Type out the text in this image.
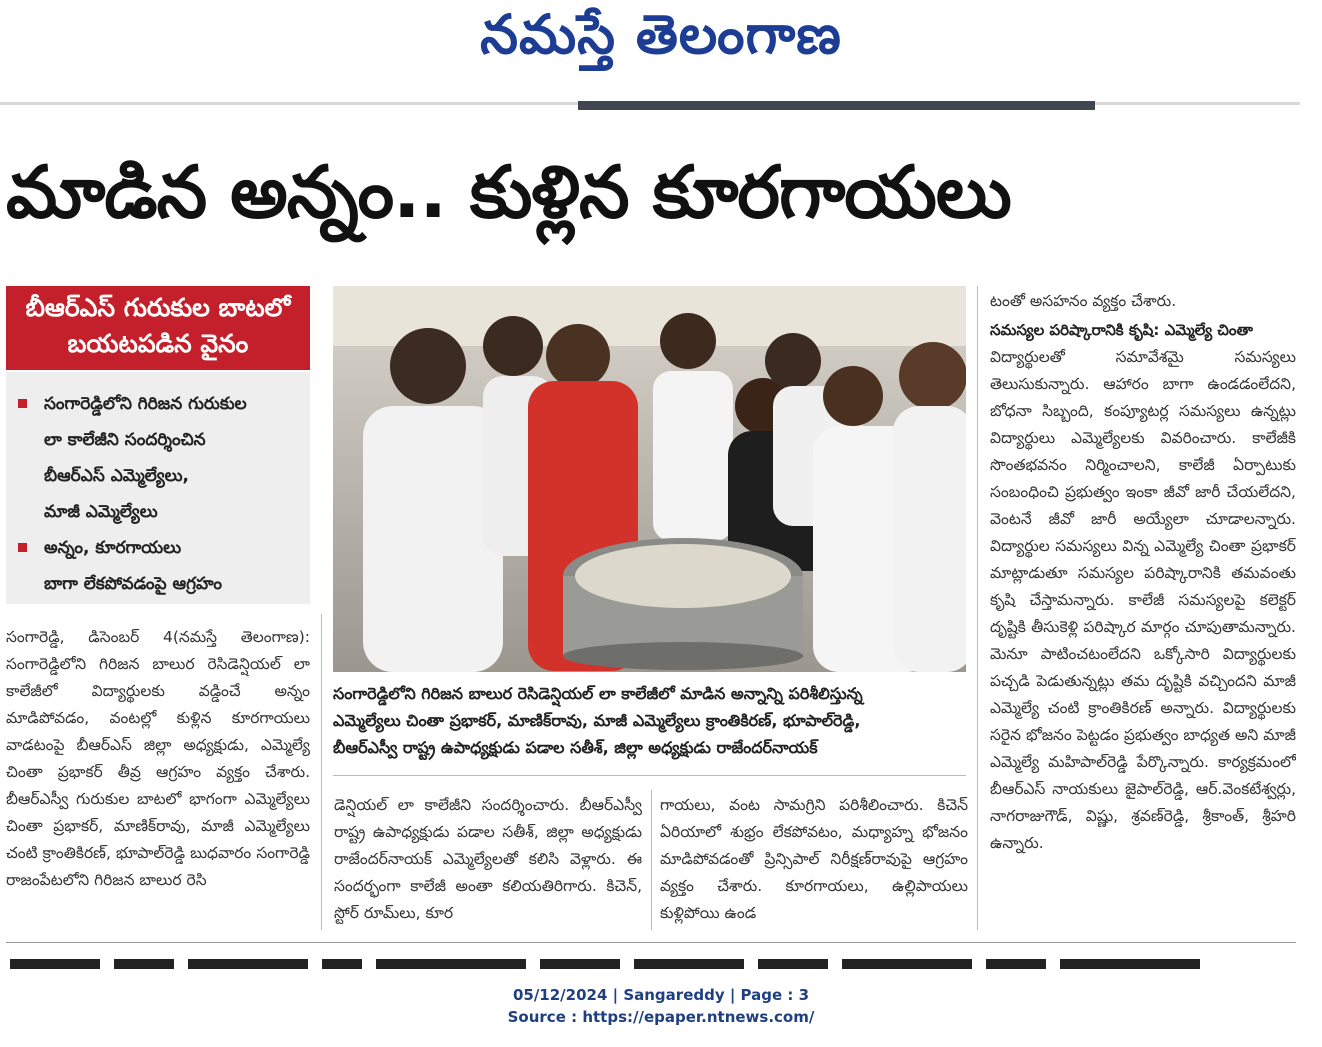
నమస్తే తెలంగాణ
మాడిన అన్నం.. కుళ్లిన కూరగాయలు
బీఆర్‌ఎస్‌ గురుకుల బాటలో
బయటపడిన వైనం
సంగారెడ్డిలోని గిరిజన గురుకుల
లా కాలేజీని సందర్శించిన
బీఆర్‌ఎస్‌ ఎమ్మెల్యేలు,
మాజీ ఎమ్మెల్యేలు
అన్నం, కూరగాయలు
బాగా లేకపోవడంపై ఆగ్రహం
సంగారెడ్డి, డిసెంబర్‌ 4(నమస్తే తెలంగాణ): సంగారెడ్డిలోని గిరిజన బాలుర రెసిడెన్షియల్‌ లా కాలేజీలో విద్యార్థులకు వడ్డించే అన్నం మాడిపోవడం, వంటల్లో కుళ్లిన కూరగాయలు వాడటంపై బీఆర్‌ఎస్‌ జిల్లా అధ్యక్షుడు, ఎమ్మెల్యే చింతా ప్రభాకర్‌ తీవ్ర ఆగ్రహం వ్యక్తం చేశారు. బీఆర్‌ఎస్వీ గురుకుల బాటలో భాగంగా ఎమ్మెల్యేలు చింతా ప్రభాకర్‌, మాణిక్‌రావు, మాజీ ఎమ్మెల్యేలు చంటి క్రాంతికిరణ్‌, భూపాల్‌రెడ్డి బుధవారం సంగారెడ్డి రాజంపేటలోని గిరిజన బాలుర రెసి
సంగారెడ్డిలోని గిరిజన బాలుర రెసిడెన్షియల్‌ లా కాలేజీలో మాడిన అన్నాన్ని పరిశీలిస్తున్న
ఎమ్మెల్యేలు చింతా ప్రభాకర్‌, మాణిక్‌రావు, మాజీ ఎమ్మెల్యేలు క్రాంతికిరణ్‌, భూపాల్‌రెడ్డి,
బీఆర్‌ఎస్వీ రాష్ట్ర ఉపాధ్యక్షుడు పడాల సతీశ్‌, జిల్లా అధ్యక్షుడు రాజేందర్‌నాయక్‌
డెన్షియల్‌ లా కాలేజీని సందర్శించారు. బీఆర్‌ఎస్వీ రాష్ట్ర ఉపాధ్యక్షుడు పడాల సతీశ్‌, జిల్లా అధ్యక్షుడు రాజేందర్‌నాయక్‌ ఎమ్మెల్యేలతో కలిసి వెళ్లారు. ఈ సందర్భంగా కాలేజీ అంతా కలియతిరిగారు. కిచెన్‌, స్టోర్‌ రూమ్‌లు, కూర
గాయలు, వంట సామగ్రిని పరిశీలించారు. కిచెన్‌ ఏరియాలో శుభ్రం లేకపోవటం, మధ్యాహ్న భోజనం మాడిపోవడంతో ప్రిన్సిపాల్‌ నిరీక్షణ్‌రావుపై ఆగ్రహం వ్యక్తం చేశారు. కూరగాయలు, ఉల్లిపాయలు కుళ్లిపోయి ఉండ
టంతో అసహనం వ్యక్తం చేశారు.
సమస్యల పరిష్కారానికి కృషి: ఎమ్మెల్యే చింతా
విద్యార్థులతో సమావేశమై సమస్యలు తెలుసుకున్నారు. ఆహారం బాగా ఉండడంలేదని, బోధనా సిబ్బంది, కంప్యూటర్ల సమస్యలు ఉన్నట్లు విద్యార్థులు ఎమ్మెల్యేలకు వివరించారు. కాలేజీకి సొంతభవనం నిర్మించాలని, కాలేజీ ఏర్పాటుకు సంబంధించి ప్రభుత్వం ఇంకా జీవో జారీ చేయలేదని, వెంటనే జీవో జారీ అయ్యేలా చూడాలన్నారు. విద్యార్థుల సమస్యలు విన్న ఎమ్మెల్యే చింతా ప్రభాకర్‌ మాట్లాడుతూ సమస్యల పరిష్కారానికి తమవంతు కృషి చేస్తామన్నారు. కాలేజీ సమస్యలపై కలెక్టర్‌ దృష్టికి తీసుకెళ్లి పరిష్కార మార్గం చూపుతామన్నారు. మెనూ పాటించటంలేదని ఒక్కోసారి విద్యార్థులకు పచ్చడి పెడుతున్నట్లు తమ దృష్టికి వచ్చిందని మాజీ ఎమ్మెల్యే చంటి క్రాంతికిరణ్‌ అన్నారు. విద్యార్థులకు సరైన భోజనం పెట్టడం ప్రభుత్వం బాధ్యత అని మాజీ ఎమ్మెల్యే మహిపాల్‌రెడ్డి పేర్కొన్నారు. కార్యక్రమంలో బీఆర్‌ఎస్‌ నాయకులు జైపాల్‌రెడ్డి, ఆర్‌.వెంకటేశ్వర్లు, నాగరాజుగౌడ్‌, విష్ణు, శ్రవణ్‌రెడ్డి, శ్రీకాంత్‌, శ్రీహరి ఉన్నారు.
05/12/2024 | Sangareddy | Page : 3
Source : https://epaper.ntnews.com/
